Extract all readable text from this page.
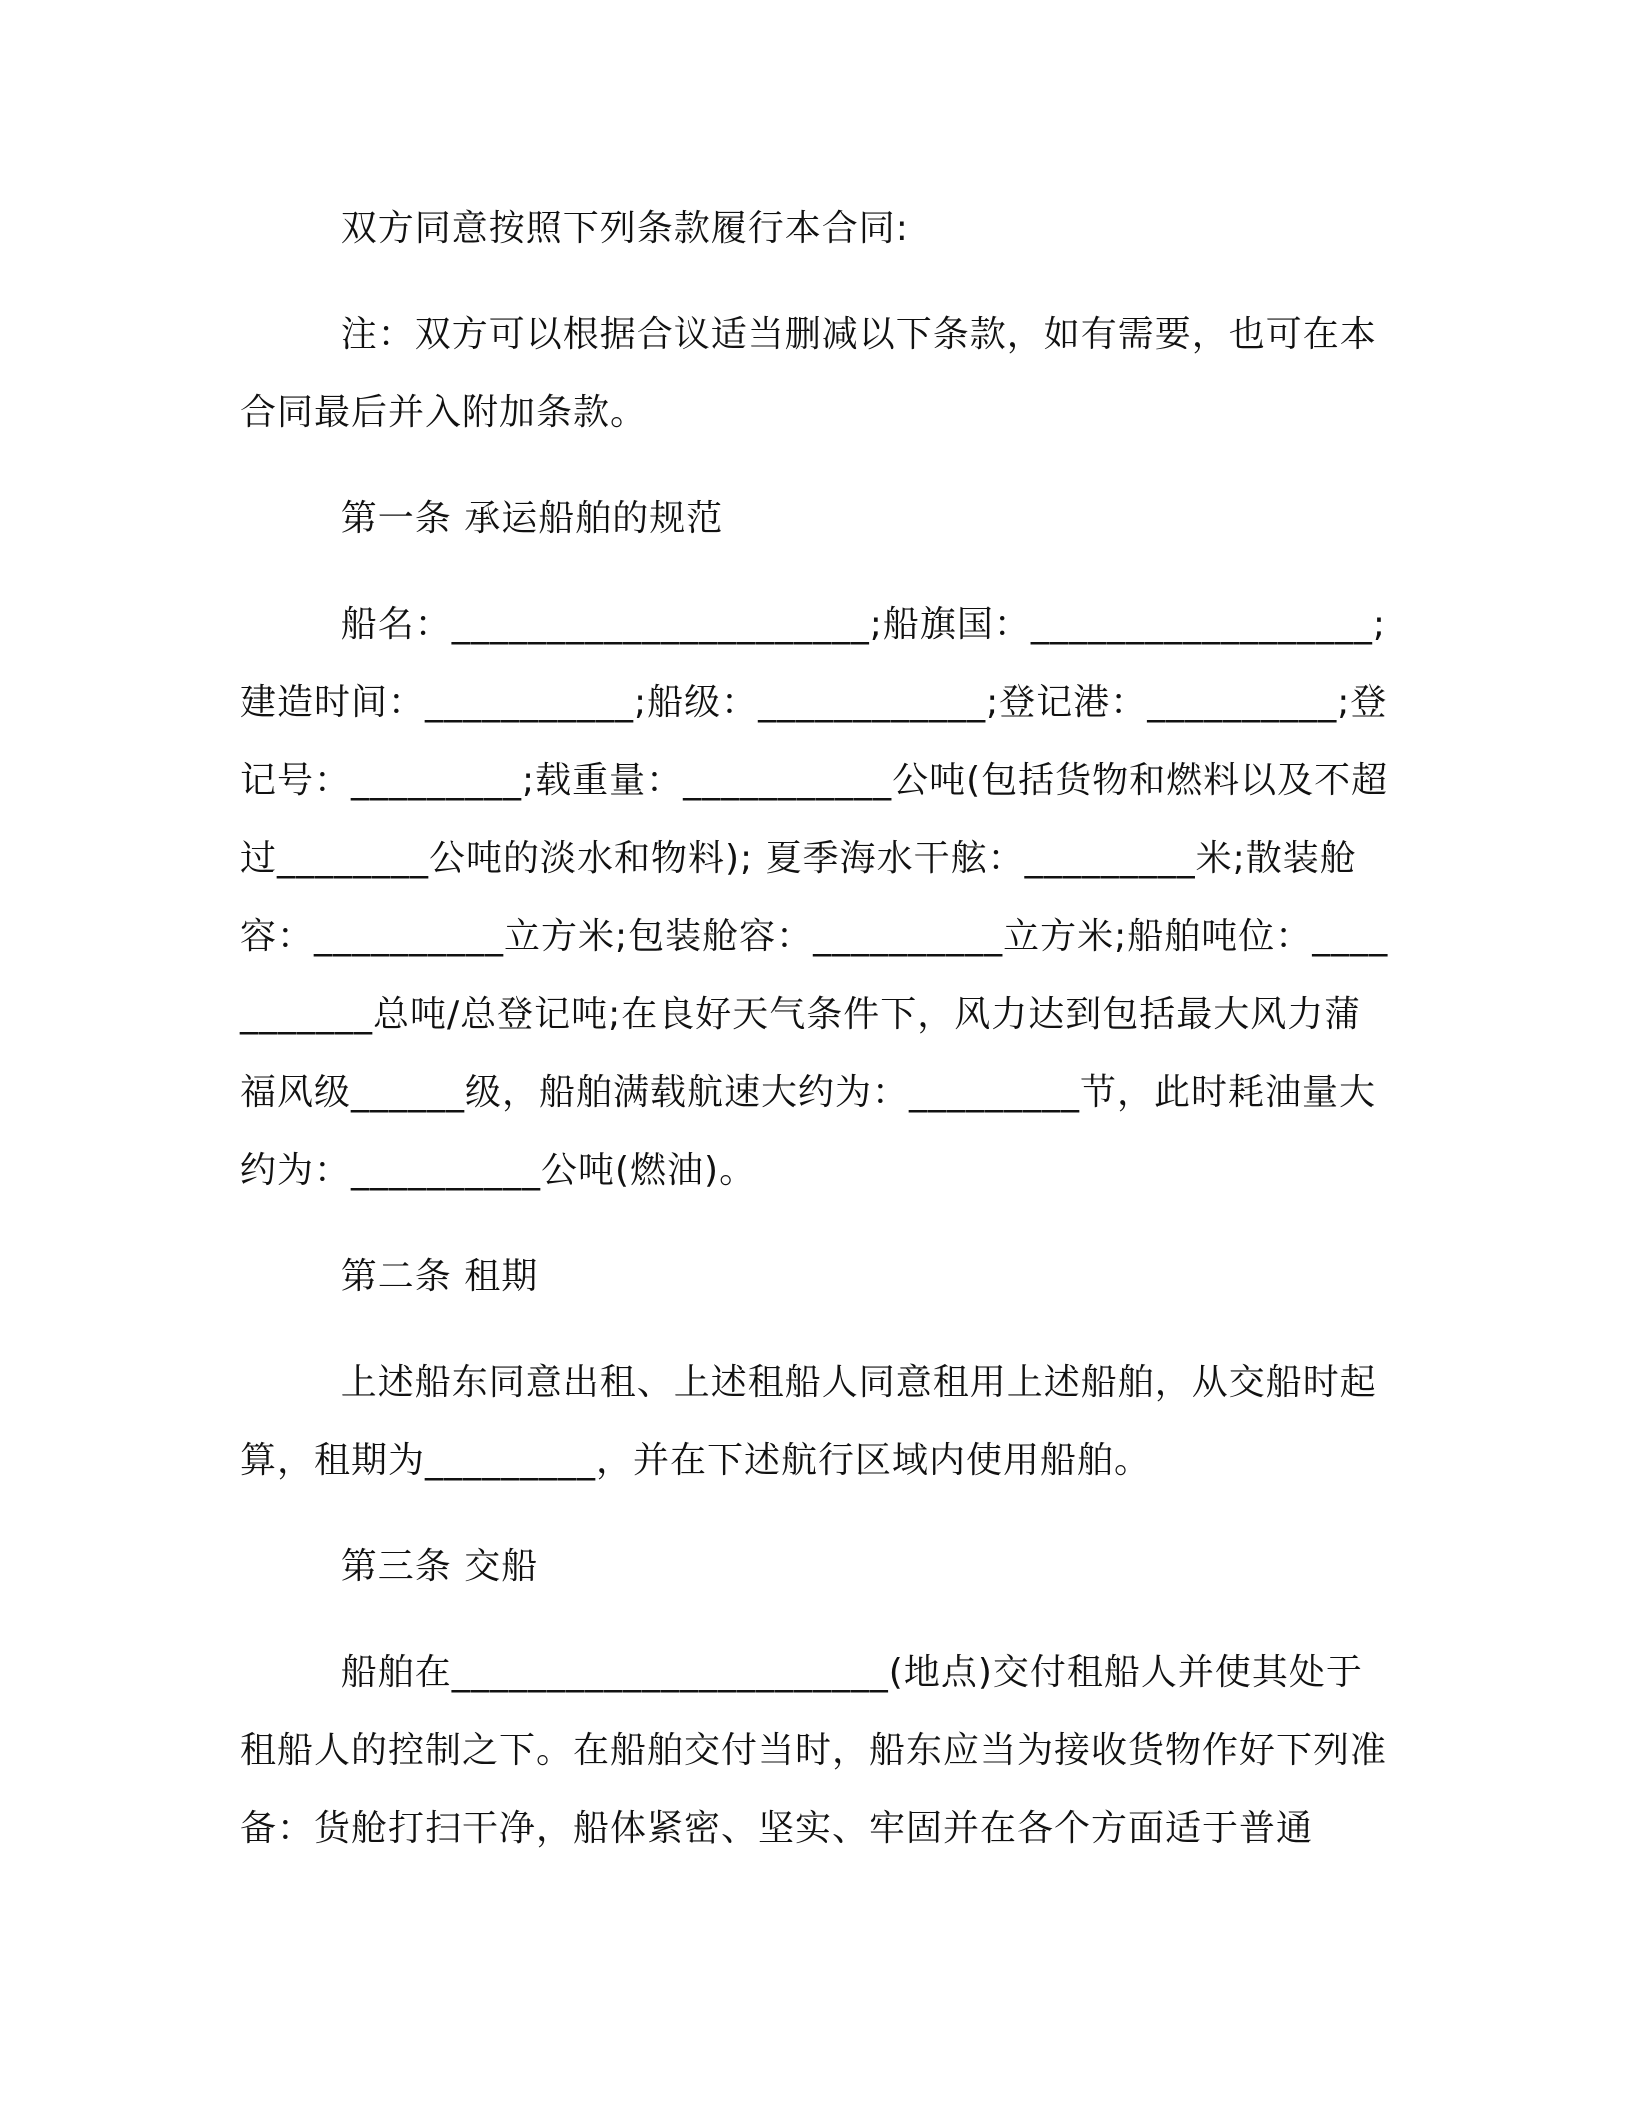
双方同意按照下列条款履行本合同:

注：双方可以根据合议适当删减以下条款，如有需要，也可在本合同最后并入附加条款。

第一条 承运船舶的规范

船名：______________________;船旗国：__________________;建造时间：___________;船级：____________;登记港：__________;登记号：_________;载重量：___________公吨(包括货物和燃料以及不超过________公吨的淡水和物料); 夏季海水干舷：_________米;散装舱容：__________立方米;包装舱容：__________立方米;船舶吨位：___________总吨/总登记吨;在良好天气条件下，风力达到包括最大风力蒲福风级______级，船舶满载航速大约为：_________节，此时耗油量大约为：__________公吨(燃油)。

第二条 租期

上述船东同意出租、上述租船人同意租用上述船舶，从交船时起算，租期为_________，并在下述航行区域内使用船舶。

第三条 交船

船舶在_______________________(地点)交付租船人并使其处于租船人的控制之下。在船舶交付当时，船东应当为接收货物作好下列准备：货舱打扫干净，船体紧密、坚实、牢固并在各个方面适于普通
